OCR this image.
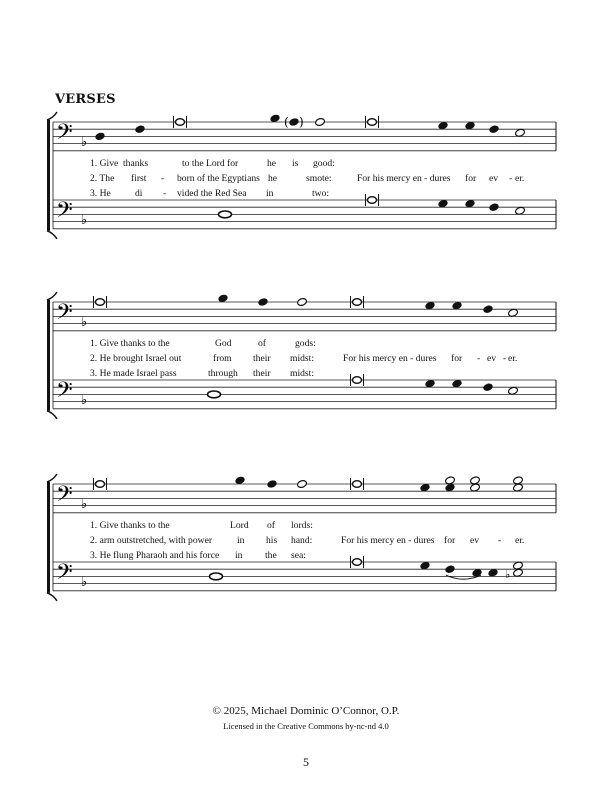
VERSES
𝄢 ♭
𝄢 ♭
( )
𝄢 ♭
𝄢 ♭
𝄢 ♭
𝄢 ♭
♭
1. Give thanks	to the Lord for	he is good:
2. The first - born of the Egyptians he	smote:	For his mercy en - dures for ev - er.
3. He	di - vided the Red Sea in	two:
1. Give thanks to the	God	of	gods:
2. He brought Israel out	from their midst:	For his mercy en - dures for - ev - er.
3. He made Israel pass	through their midst:
1. Give thanks to the	Lord of lords:
2. arm outstretched, with power	in his hand:	For his mercy en - dures for ev - er.
3. He flung Pharaoh and his force in the sea:
© 2025, Michael Dominic O’Connor, O.P.
Licensed in the Creative Commons by-nc-nd 4.0
5
